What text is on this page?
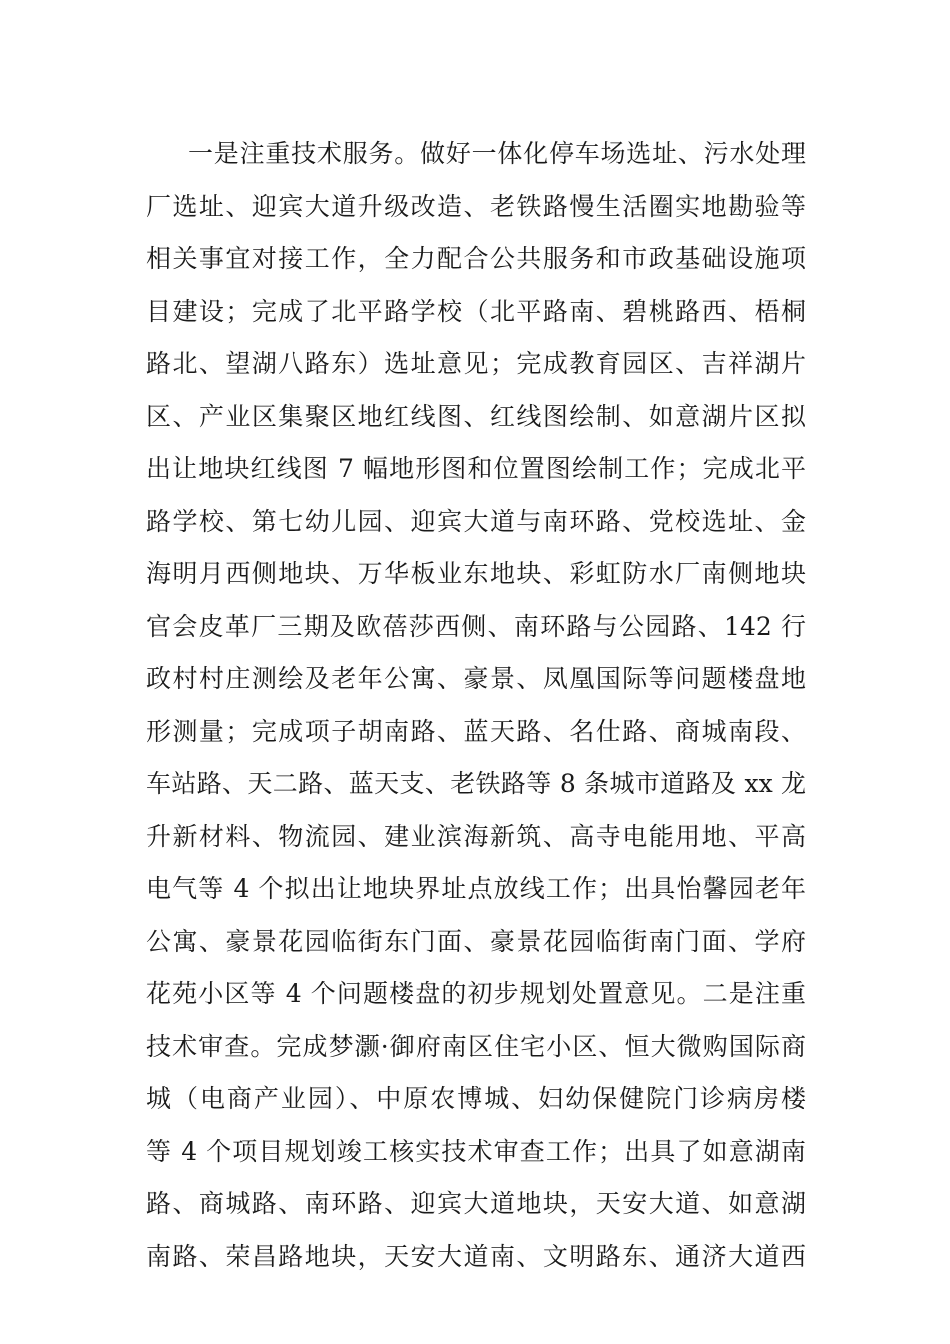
一是注重技术服务。做好一体化停车场选址、污水处理
厂选址、迎宾大道升级改造、老铁路慢生活圈实地勘验等
相关事宜对接工作，全力配合公共服务和市政基础设施项
目建设；完成了北平路学校（北平路南、碧桃路西、梧桐
路北、望湖八路东）选址意见；完成教育园区、吉祥湖片
区、产业区集聚区地红线图、红线图绘制、如意湖片区拟
出让地块红线图 7 幅地形图和位置图绘制工作；完成北平
路学校、第七幼儿园、迎宾大道与南环路、党校选址、金
海明月西侧地块、万华板业东地块、彩虹防水厂南侧地块
官会皮革厂三期及欧蓓莎西侧、南环路与公园路、142 行
政村村庄测绘及老年公寓、豪景、凤凰国际等问题楼盘地
形测量；完成项子胡南路、蓝天路、名仕路、商城南段、
车站路、天二路、蓝天支、老铁路等 8 条城市道路及 xx 龙
升新材料、物流园、建业滨海新筑、高寺电能用地、平高
电气等 4 个拟出让地块界址点放线工作；出具怡馨园老年
公寓、豪景花园临街东门面、豪景花园临街南门面、学府
花苑小区等 4 个问题楼盘的初步规划处置意见。二是注重
技术审查。完成梦灏·御府南区住宅小区、恒大微购国际商
城（电商产业园）、中原农博城、妇幼保健院门诊病房楼
等 4 个项目规划竣工核实技术审查工作；出具了如意湖南
路、商城路、南环路、迎宾大道地块，天安大道、如意湖
南路、荣昌路地块，天安大道南、文明路东、通济大道西
